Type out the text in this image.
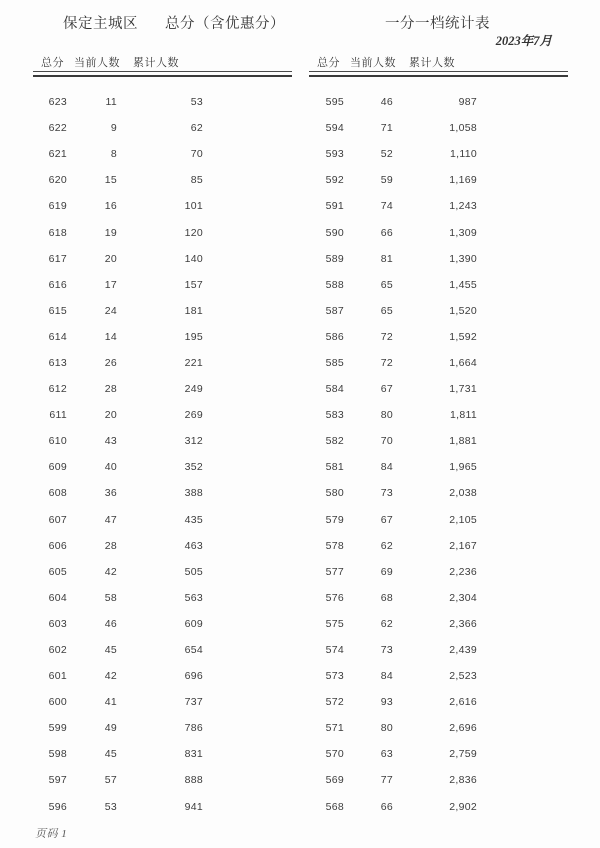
保定主城区 总分（含优惠分）	一分一档统计表
2023年7月
总分 当前人数 累计人数
623	11	53
622	9	62
621	8	70
620	15	85
619	16	101
618	19	120
617	20	140
616	17	157
615	24	181
614	14	195
613	26	221
612	28	249
611	20	269
610	43	312
609	40	352
608	36	388
607	47	435
606	28	463
605	42	505
604	58	563
603	46	609
602	45	654
601	42	696
600	41	737
599	49	786
598	45	831
597	57	888
596	53	941
总分 当前人数 累计人数
595	46	987
594	71	1,058
593	52	1,110
592	59	1,169
591	74	1,243
590	66	1,309
589	81	1,390
588	65	1,455
587	65	1,520
586	72	1,592
585	72	1,664
584	67	1,731
583	80	1,811
582	70	1,881
581	84	1,965
580	73	2,038
579	67	2,105
578	62	2,167
577	69	2,236
576	68	2,304
575	62	2,366
574	73	2,439
573	84	2,523
572	93	2,616
571	80	2,696
570	63	2,759
569	77	2,836
568	66	2,902
页码 1
